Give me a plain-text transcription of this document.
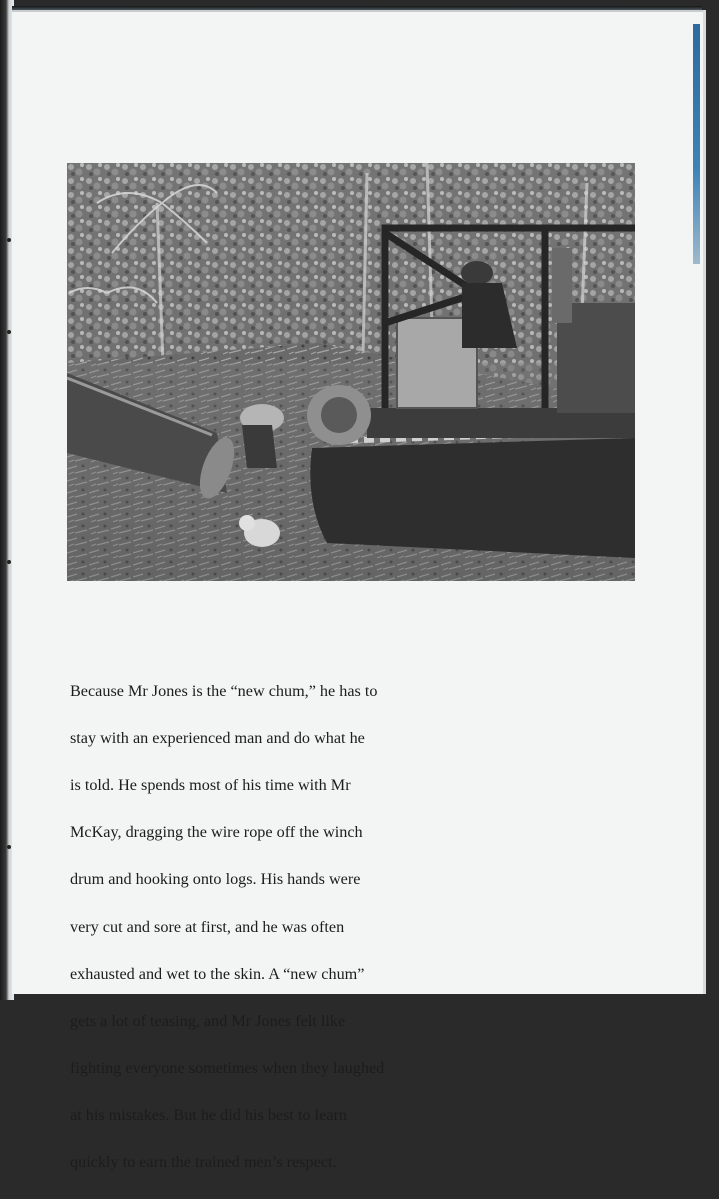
Because Mr Jones is the “new chum,” he has to

stay with an experienced man and do what he

is told. He spends most of his time with Mr

McKay, dragging the wire rope off the winch

drum and hooking onto logs. His hands were

very cut and sore at first, and he was often

exhausted and wet to the skin. A “new chum”

gets a lot of teasing, and Mr Jones felt like

fighting everyone sometimes when they laughed

at his mistakes. But he did his best to learn

quickly to earn the trained men’s respect.
